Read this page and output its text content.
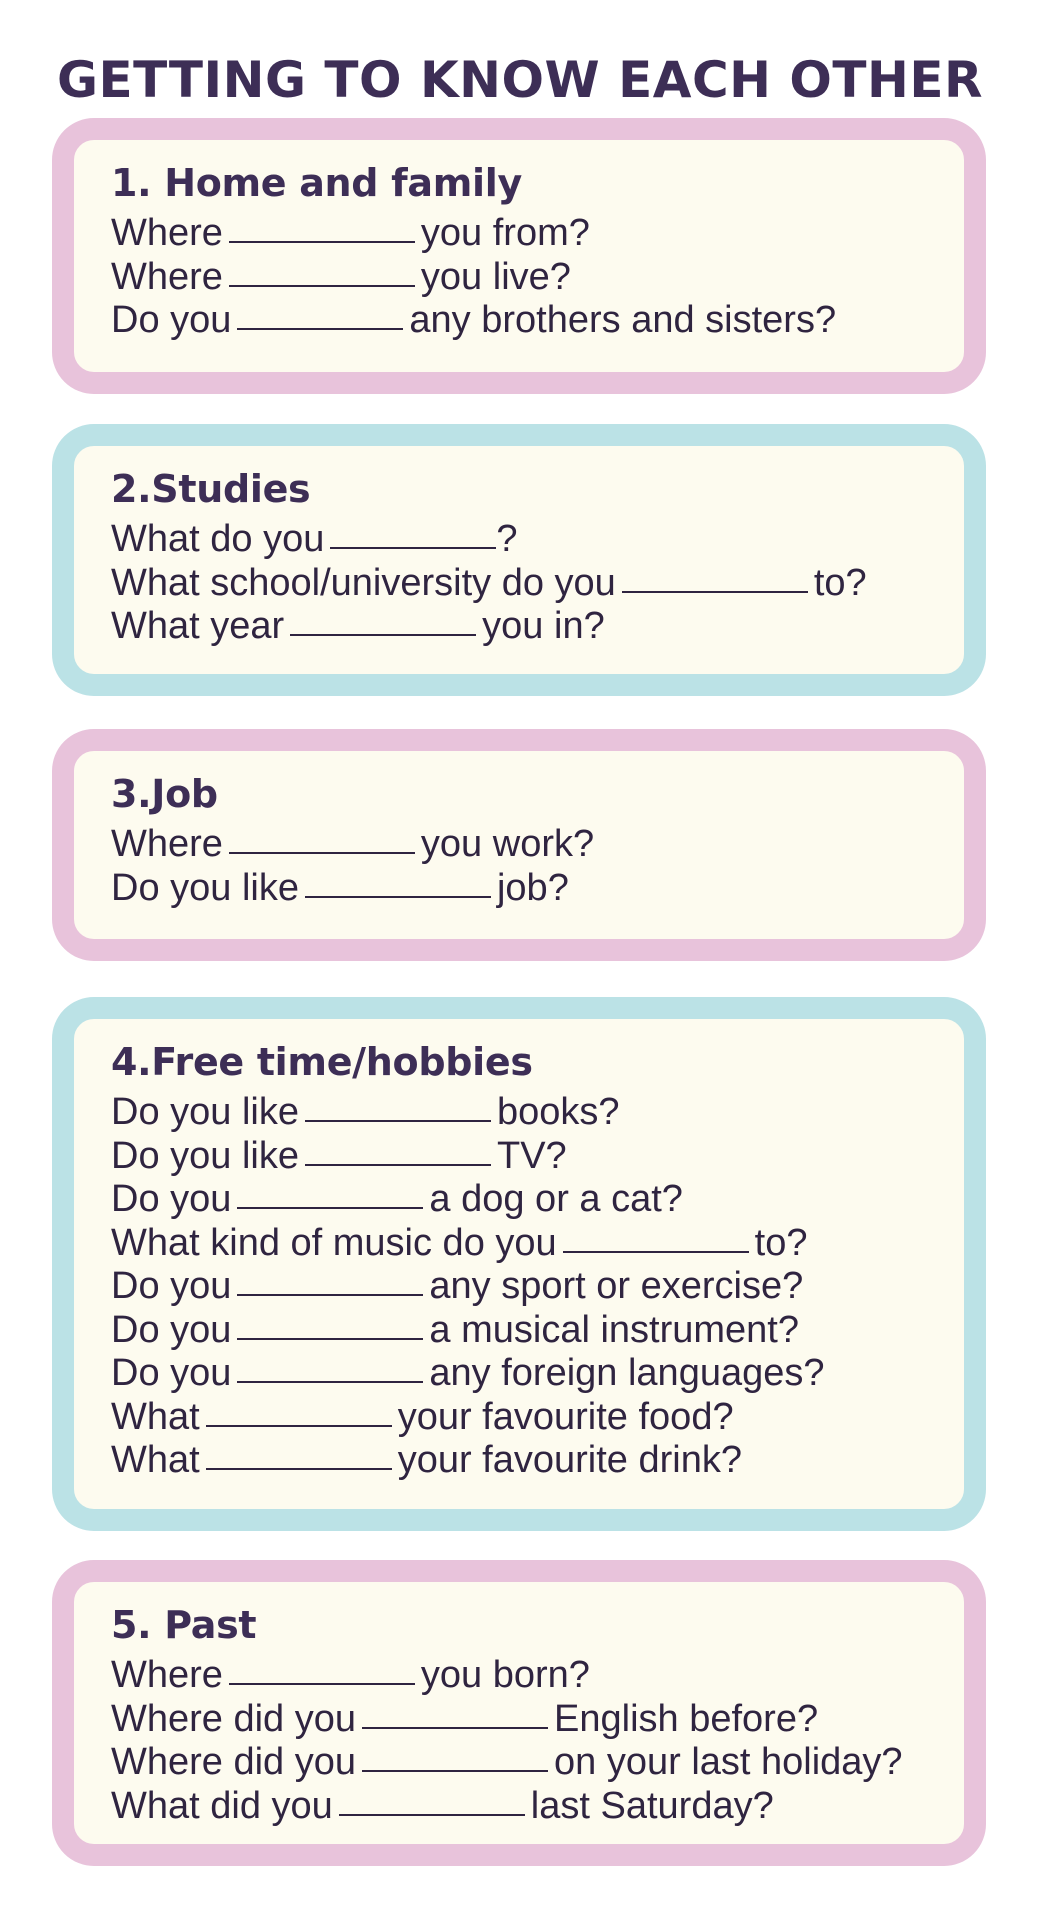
GETTING TO KNOW EACH OTHER
1. Home and family
Where	you from?
Where	you live?
Do you	any brothers and sisters?
2.Studies
What do you	?
What school/university do you	to?
What year	you in?
3.Job
Where	you work?
Do you like	job?
4.Free time/hobbies
Do you like	books?
Do you like	TV?
Do you	a dog or a cat?
What kind of music do you	to?
Do you	any sport or exercise?
Do you	a musical instrument?
Do you	any foreign languages?
What	your favourite food?
What	your favourite drink?
5. Past
Where	you born?
Where did you	English before?
Where did you	on your last holiday?
What did you	last Saturday?
